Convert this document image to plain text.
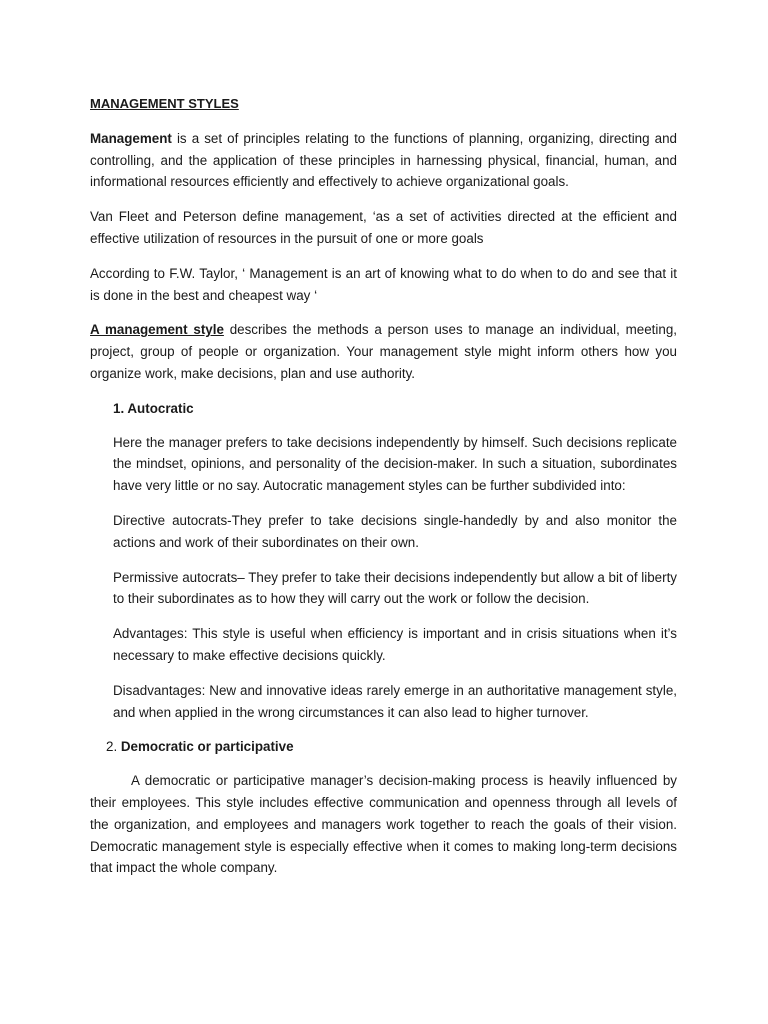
MANAGEMENT STYLES

Management is a set of principles relating to the functions of planning, organizing, directing and controlling, and the application of these principles in harnessing physical, financial, human, and informational resources efficiently and effectively to achieve organizational goals.

Van Fleet and Peterson define management, ‘as a set of activities directed at the efficient and effective utilization of resources in the pursuit of one or more goals

According to F.W. Taylor, ‘ Management is an art of knowing what to do when to do and see that it is done in the best and cheapest way ‘

A management style describes the methods a person uses to manage an individual, meeting, project, group of people or organization. Your management style might inform others how you organize work, make decisions, plan and use authority.

1. Autocratic

Here the manager prefers to take decisions independently by himself. Such decisions replicate the mindset, opinions, and personality of the decision-maker. In such a situation, subordinates have very little or no say. Autocratic management styles can be further subdivided into:

Directive autocrats-They prefer to take decisions single-handedly by and also monitor the actions and work of their subordinates on their own.

Permissive autocrats– They prefer to take their decisions independently but allow a bit of liberty to their subordinates as to how they will carry out the work or follow the decision.

Advantages: This style is useful when efficiency is important and in crisis situations when it’s necessary to make effective decisions quickly.

Disadvantages: New and innovative ideas rarely emerge in an authoritative management style, and when applied in the wrong circumstances it can also lead to higher turnover.

2. Democratic or participative

A democratic or participative manager’s decision-making process is heavily influenced by their employees. This style includes effective communication and openness through all levels of the organization, and employees and managers work together to reach the goals of their vision. Democratic management style is especially effective when it comes to making long-term decisions that impact the whole company.
